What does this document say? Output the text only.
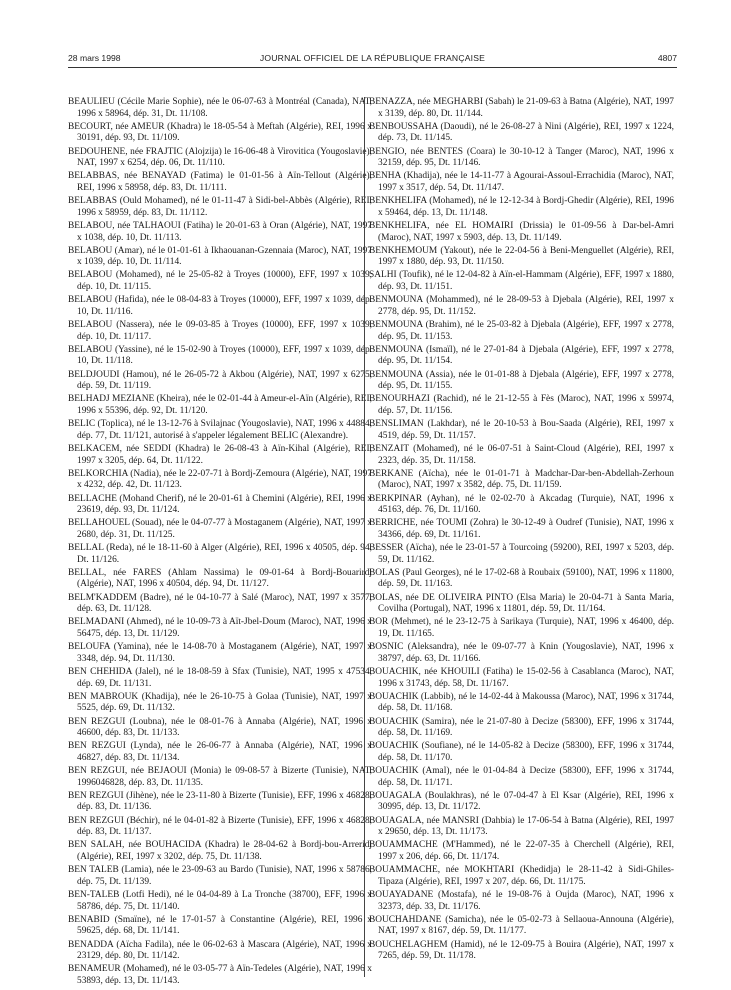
28 mars 1998	JOURNAL OFFICIEL DE LA RÉPUBLIQUE FRANÇAISE	4807

BEAULIEU (Cécile Marie Sophie), née le 06-07-63 à Montréal (Canada), NAT, 1996 x 58964, dép. 31, Dt. 11/108.

BECOURT, née AMEUR (Khadra) le 18-05-54 à Meftah (Algérie), REI, 1996 x 30191, dép. 93, Dt. 11/109.

BEDOUHENE, née FRAJTIC (Alojzija) le 16-06-48 à Virovitica (Yougoslavie), NAT, 1997 x 6254, dép. 06, Dt. 11/110.

BELABBAS, née BENAYAD (Fatima) le 01-01-56 à Aïn-Tellout (Algérie), REI, 1996 x 58958, dép. 83, Dt. 11/111.

BELABBAS (Ould Mohamed), né le 01-11-47 à Sidi-bel-Abbès (Algérie), REI, 1996 x 58959, dép. 83, Dt. 11/112.

BELABOU, née TALHAOUI (Fatiha) le 20-01-63 à Oran (Algérie), NAT, 1997 x 1038, dép. 10, Dt. 11/113.

BELABOU (Amar), né le 01-01-61 à Ikhaouanan-Gzennaia (Maroc), NAT, 1997 x 1039, dép. 10, Dt. 11/114.

BELABOU (Mohamed), né le 25-05-82 à Troyes (10000), EFF, 1997 x 1039, dép. 10, Dt. 11/115.

BELABOU (Hafida), née le 08-04-83 à Troyes (10000), EFF, 1997 x 1039, dép. 10, Dt. 11/116.

BELABOU (Nassera), née le 09-03-85 à Troyes (10000), EFF, 1997 x 1039, dép. 10, Dt. 11/117.

BELABOU (Yassine), né le 15-02-90 à Troyes (10000), EFF, 1997 x 1039, dép. 10, Dt. 11/118.

BELDJOUDI (Hamou), né le 26-05-72 à Akbou (Algérie), NAT, 1997 x 6275, dép. 59, Dt. 11/119.

BELHADJ MEZIANE (Kheira), née le 02-01-44 à Ameur-el-Aïn (Algérie), REI, 1996 x 55396, dép. 92, Dt. 11/120.

BELIC (Toplica), né le 13-12-76 à Svilajnac (Yougoslavie), NAT, 1996 x 44884, dép. 77, Dt. 11/121, autorisé à s'appeler légalement BELIC (Alexandre).

BELKACEM, née SEDDI (Khadra) le 26-08-43 à Aïn-Kihal (Algérie), REI, 1997 x 3205, dép. 64, Dt. 11/122.

BELKORCHIA (Nadia), née le 22-07-71 à Bordj-Zemoura (Algérie), NAT, 1997 x 4232, dép. 42, Dt. 11/123.

BELLACHE (Mohand Cherif), né le 20-01-61 à Chemini (Algérie), REI, 1996 x 23619, dép. 93, Dt. 11/124.

BELLAHOUEL (Souad), née le 04-07-77 à Mostaganem (Algérie), NAT, 1997 x 2680, dép. 31, Dt. 11/125.

BELLAL (Reda), né le 18-11-60 à Alger (Algérie), REI, 1996 x 40505, dép. 94, Dt. 11/126.

BELLAL, née FARES (Ahlam Nassima) le 09-01-64 à Bordj-Bouarirdj (Algérie), NAT, 1996 x 40504, dép. 94, Dt. 11/127.

BELM'KADDEM (Badre), né le 04-10-77 à Salé (Maroc), NAT, 1997 x 3577, dép. 63, Dt. 11/128.

BELMADANI (Ahmed), né le 10-09-73 à Aït-Jbel-Doum (Maroc), NAT, 1996 x 56475, dép. 13, Dt. 11/129.

BELOUFA (Yamina), née le 14-08-70 à Mostaganem (Algérie), NAT, 1997 x 3348, dép. 94, Dt. 11/130.

BEN CHEHIDA (Jalel), né le 18-08-59 à Sfax (Tunisie), NAT, 1995 x 47534, dép. 69, Dt. 11/131.

BEN MABROUK (Khadija), née le 26-10-75 à Golaa (Tunisie), NAT, 1997 x 5525, dép. 69, Dt. 11/132.

BEN REZGUI (Loubna), née le 08-01-76 à Annaba (Algérie), NAT, 1996 x 46600, dép. 83, Dt. 11/133.

BEN REZGUI (Lynda), née le 26-06-77 à Annaba (Algérie), NAT, 1996 x 46827, dép. 83, Dt. 11/134.

BEN REZGUI, née BEJAOUI (Monia) le 09-08-57 à Bizerte (Tunisie), NAT, 1996046828, dép. 83, Dt. 11/135.

BEN REZGUI (Jihène), née le 23-11-80 à Bizerte (Tunisie), EFF, 1996 x 46828, dép. 83, Dt. 11/136.

BEN REZGUI (Béchir), né le 04-01-82 à Bizerte (Tunisie), EFF, 1996 x 46828, dép. 83, Dt. 11/137.

BEN SALAH, née BOUHACIDA (Khadra) le 28-04-62 à Bordj-bou-Arreridj (Algérie), REI, 1997 x 3202, dép. 75, Dt. 11/138.

BEN TALEB (Lamia), née le 23-09-63 au Bardo (Tunisie), NAT, 1996 x 58786, dép. 75, Dt. 11/139.

BEN-TALEB (Lotfi Hedi), né le 04-04-89 à La Tronche (38700), EFF, 1996 x 58786, dép. 75, Dt. 11/140.

BENABID (Smaïne), né le 17-01-57 à Constantine (Algérie), REI, 1996 x 59625, dép. 68, Dt. 11/141.

BENADDA (Aïcha Fadila), née le 06-02-63 à Mascara (Algérie), NAT, 1996 x 23129, dép. 80, Dt. 11/142.

BENAMEUR (Mohamed), né le 03-05-77 à Aïn-Tedeles (Algérie), NAT, 1996 x 53893, dép. 13, Dt. 11/143.

BENAZZA, née MEGHARBI (Sabah) le 21-09-63 à Batna (Algérie), NAT, 1997 x 3139, dép. 80, Dt. 11/144.

BENBOUSSAHA (Daoudi), né le 26-08-27 à Nini (Algérie), REI, 1997 x 1224, dép. 73, Dt. 11/145.

BENGIO, née BENTES (Coara) le 30-10-12 à Tanger (Maroc), NAT, 1996 x 32159, dép. 95, Dt. 11/146.

BENHA (Khadija), née le 14-11-77 à Agourai-Assoul-Errachidia (Maroc), NAT, 1997 x 3517, dép. 54, Dt. 11/147.

BENKHELIFA (Mohamed), né le 12-12-34 à Bordj-Ghedir (Algérie), REI, 1996 x 59464, dép. 13, Dt. 11/148.

BENKHELIFA, née EL HOMAIRI (Drissia) le 01-09-56 à Dar-bel-Amri (Maroc), NAT, 1997 x 5903, dép. 13, Dt. 11/149.

BENKHEMOUM (Yakout), née le 22-04-56 à Beni-Menguellet (Algérie), REI, 1997 x 1880, dép. 93, Dt. 11/150.

SALHI (Toufik), né le 12-04-82 à Aïn-el-Hammam (Algérie), EFF, 1997 x 1880, dép. 93, Dt. 11/151.

BENMOUNA (Mohammed), né le 28-09-53 à Djebala (Algérie), REI, 1997 x 2778, dép. 95, Dt. 11/152.

BENMOUNA (Brahim), né le 25-03-82 à Djebala (Algérie), EFF, 1997 x 2778, dép. 95, Dt. 11/153.

BENMOUNA (Ismaïl), né le 27-01-84 à Djebala (Algérie), EFF, 1997 x 2778, dép. 95, Dt. 11/154.

BENMOUNA (Assia), née le 01-01-88 à Djebala (Algérie), EFF, 1997 x 2778, dép. 95, Dt. 11/155.

BENOURHAZI (Rachid), né le 21-12-55 à Fès (Maroc), NAT, 1996 x 59974, dép. 57, Dt. 11/156.

BENSLIMAN (Lakhdar), né le 20-10-53 à Bou-Saada (Algérie), REI, 1997 x 4519, dép. 59, Dt. 11/157.

BENZAIT (Mohamed), né le 06-07-51 à Saint-Cloud (Algérie), REI, 1997 x 2323, dép. 35, Dt. 11/158.

BERKANE (Aïcha), née le 01-01-71 à Madchar-Dar-ben-Abdellah-Zerhoun (Maroc), NAT, 1997 x 3582, dép. 75, Dt. 11/159.

BERKPINAR (Ayhan), né le 02-02-70 à Akcadag (Turquie), NAT, 1996 x 45163, dép. 76, Dt. 11/160.

BERRICHE, née TOUMI (Zohra) le 30-12-49 à Oudref (Tunisie), NAT, 1996 x 34366, dép. 69, Dt. 11/161.

BESSER (Aïcha), née le 23-01-57 à Tourcoing (59200), REI, 1997 x 5203, dép. 59, Dt. 11/162.

BOLAS (Paul Georges), né le 17-02-68 à Roubaix (59100), NAT, 1996 x 11800, dép. 59, Dt. 11/163.

BOLAS, née DE OLIVEIRA PINTO (Elsa Maria) le 20-04-71 à Santa Maria, Covilha (Portugal), NAT, 1996 x 11801, dép. 59, Dt. 11/164.

BOR (Mehmet), né le 23-12-75 à Sarikaya (Turquie), NAT, 1996 x 46400, dép. 19, Dt. 11/165.

BOSNIC (Aleksandra), née le 09-07-77 à Knin (Yougoslavie), NAT, 1996 x 38797, dép. 63, Dt. 11/166.

BOUACHIK, née KHOUILI (Fatiha) le 15-02-56 à Casablanca (Maroc), NAT, 1996 x 31743, dép. 58, Dt. 11/167.

BOUACHIK (Labbib), né le 14-02-44 à Makoussa (Maroc), NAT, 1996 x 31744, dép. 58, Dt. 11/168.

BOUACHIK (Samira), née le 21-07-80 à Decize (58300), EFF, 1996 x 31744, dép. 58, Dt. 11/169.

BOUACHIK (Soufiane), né le 14-05-82 à Decize (58300), EFF, 1996 x 31744, dép. 58, Dt. 11/170.

BOUACHIK (Amal), née le 01-04-84 à Decize (58300), EFF, 1996 x 31744, dép. 58, Dt. 11/171.

BOUAGALA (Boulakhras), né le 07-04-47 à El Ksar (Algérie), REI, 1996 x 30995, dép. 13, Dt. 11/172.

BOUAGALA, née MANSRI (Dahbia) le 17-06-54 à Batna (Algérie), REI, 1997 x 29650, dép. 13, Dt. 11/173.

BOUAMMACHE (M'Hammed), né le 22-07-35 à Cherchell (Algérie), REI, 1997 x 206, dép. 66, Dt. 11/174.

BOUAMMACHE, née MOKHTARI (Khedidja) le 28-11-42 à Sidi-Ghiles-Tipaza (Algérie), REI, 1997 x 207, dép. 66, Dt. 11/175.

BOUAYADANE (Mostafa), né le 19-08-76 à Oujda (Maroc), NAT, 1996 x 32373, dép. 33, Dt. 11/176.

BOUCHAHDANE (Samicha), née le 05-02-73 à Sellaoua-Announa (Algérie), NAT, 1997 x 8167, dép. 59, Dt. 11/177.

BOUCHELAGHEM (Hamid), né le 12-09-75 à Bouira (Algérie), NAT, 1997 x 7265, dép. 59, Dt. 11/178.
